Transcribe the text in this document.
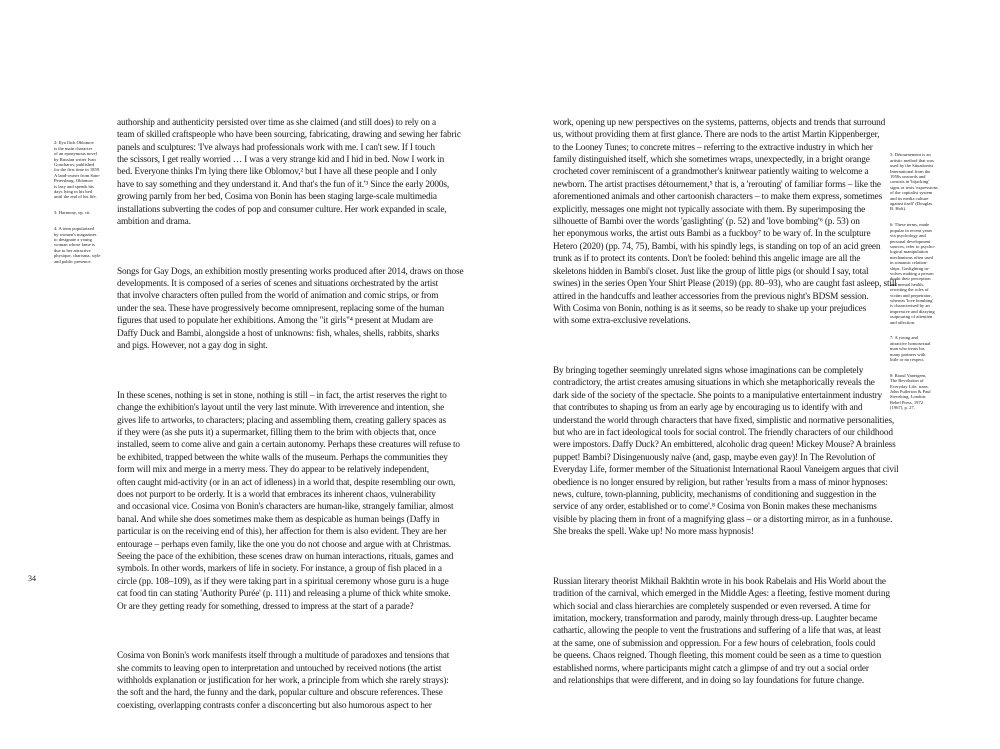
2: Ilya Ilich Oblomov
is the main character
of an eponymous novel
by Russian writer Ivan
Goncharov, published
for the first time in 1859.
A land-owner from Sain-
Petersburg, Oblomov
is lazy and spends his
days lying in his bed
until the end of his life.

3: Harmony, op. cit.

4: A term popularized
by women's magazines
to designate a young
woman whose fame is
due to her attractive
physique, charisma, style
and public presence.

authorship and authenticity persisted over time as she claimed (and still does) to rely on a
team of skilled craftspeople who have been sourcing, fabricating, drawing and sewing her fabric
panels and sculptures: 'I've always had professionals work with me. I can't sew. If I touch
the scissors, I get really worried … I was a very strange kid and I hid in bed. Now I work in
bed. Everyone thinks I'm lying there like Oblomov,² but I have all these people and I only
have to say something and they understand it. And that's the fun of it.'³ Since the early 2000s,
growing parnly from her bed, Cosima von Bonin has been staging large-scale multimedia
installations subverting the codes of pop and consumer culture. Her work expanded in scale,
ambition and drama.

Songs for Gay Dogs, an exhibition mostly presenting works produced after 2014, draws on those
developments. It is composed of a series of scenes and situations orchestrated by the artist
that involve characters often pulled from the world of animation and comic strips, or from
under the sea. These have progressively become omnipresent, replacing some of the human
figures that used to populate her exhibitions. Among the "it girls"⁴ present at Mudam are
Daffy Duck and Bambi, alongside a host of unknowns: fish, whales, shells, rabbits, sharks
and pigs. However, not a gay dog in sight.

In these scenes, nothing is set in stone, nothing is still – in fact, the artist reserves the right to
change the exhibition's layout until the very last minute. With irreverence and intention, she
gives life to artworks, to characters; placing and assembling them, creating gallery spaces as
if they were (as she puts it) a supermarket, filling them to the brim with objects that, once
installed, seem to come alive and gain a certain autonomy. Perhaps these creatures will refuse to
be exhibited, trapped between the white walls of the museum. Perhaps the communities they
form will mix and merge in a merry mess. They do appear to be relatively independent,
often caught mid-activity (or in an act of idleness) in a world that, despite resembling our own,
does not purport to be orderly. It is a world that embraces its inherent chaos, vulnerability
and occasional vice. Cosima von Bonin's characters are human-like, strangely familiar, almost
banal. And while she does sometimes make them as despicable as human beings (Daffy in
particular is on the receiving end of this), her affection for them is also evident. They are her
entourage – perhaps even family, like the one you do not choose and argue with at Christmas.
Seeing the pace of the exhibition, these scenes draw on human interactions, rituals, games and
symbols. In other words, markers of life in society. For instance, a group of fish placed in a
circle (pp. 108–109), as if they were taking part in a spiritual ceremony whose guru is a huge
cat food tin can stating 'Authority Purée' (p. 111) and releasing a plume of thick white smoke.
Or are they getting ready for something, dressed to impress at the start of a parade?

Cosima von Bonin's work manifests itself through a multitude of paradoxes and tensions that
she commits to leaving open to interpretation and untouched by received notions (the artist
withholds explanation or justification for her work, a principle from which she rarely strays):
the soft and the hard, the funny and the dark, popular culture and obscure references. These
coexisting, overlapping contrasts confer a disconcerting but also humorous aspect to her

34

work, opening up new perspectives on the systems, patterns, objects and trends that surround
us, without providing them at first glance. There are nods to the artist Martin Kippenberger,
to the Looney Tunes; to concrete mitres – referring to the extractive industry in which her
family distinguished itself, which she sometimes wraps, unexpectedly, in a bright orange
crocheted cover reminiscent of a grandmother's knitwear patiently waiting to welcome a
newborn. The artist practises détournement,⁵ that is, a 'rerouting' of familiar forms – like the
aforementioned animals and other cartoonish characters – to make them express, sometimes
explicitly, messages one might not typically associate with them. By superimposing the
silhouette of Bambi over the words 'gaslighting' (p. 52) and 'love bombing'⁶ (p. 53) on
her eponymous works, the artist outs Bambi as a fuckboy⁷ to be wary of. In the sculpture
Hetero (2020) (pp. 74, 75), Bambi, with his spindly legs, is standing on top of an acid green
trunk as if to protect its contents. Don't be fooled: behind this angelic image are all the
skeletons hidden in Bambi's closet. Just like the group of little pigs (or should I say, total
swines) in the series Open Your Shirt Please (2019) (pp. 80–93), who are caught fast asleep, still
attired in the handcuffs and leather accessories from the previous night's BDSM session.
With Cosima von Bonin, nothing is as it seems, so be ready to shake up your prejudices
with some extra-exclusive revelations.

By bringing together seemingly unrelated signs whose imaginations can be completely
contradictory, the artist creates amusing situations in which she metaphorically reveals the
dark side of the society of the spectacle. She points to a manipulative entertainment industry
that contributes to shaping us from an early age by encouraging us to identify with and
understand the world through characters that have fixed, simplistic and normative personalities,
but who are in fact ideological tools for social control. The friendly characters of our childhood
were impostors. Daffy Duck? An embittered, alcoholic drag queen! Mickey Mouse? A brainless
puppet! Bambi? Disingenuously naïve (and, gasp, maybe even gay)! In The Revolution of
Everyday Life, former member of the Situationist International Raoul Vaneigem argues that civil
obedience is no longer ensured by religion, but rather 'results from a mass of minor hypnoses:
news, culture, town-planning, publicity, mechanisms of conditioning and suggestion in the
service of any order, established or to come'.⁸ Cosima von Bonin makes these mechanisms
visible by placing them in front of a magnifying glass – or a distorting mirror, as in a funhouse.
She breaks the spell. Wake up! No more mass hypnosis!

Russian literary theorist Mikhail Bakhtin wrote in his book Rabelais and His World about the
tradition of the carnival, which emerged in the Middle Ages: a fleeting, festive moment during
which social and class hierarchies are completely suspended or even reversed. A time for
imitation, mockery, transformation and parody, mainly through dress-up. Laughter became
cathartic, allowing the people to vent the frustrations and suffering of a life that was, at least
at the same, one of submission and oppression. For a few hours of celebration, fools could
be queens. Chaos reigned. Though fleeting, this moment could be seen as a time to question
established norms, where participants might catch a glimpse of and try out a social order
and relationships that were different, and in doing so lay foundations for future change.

5: Détournement is an
artistic method that was
used by the Situationist
International from the
1950s onwards and
consists in 'hijacking'
signs or texts 'expressions
of the capitalist system
and its media culture
against itself' (Douglas
B. Holt).

6: These terms, made
popular in recent years
via psychology and
personal development
sources, refer to psycho-
logical manipulation
mechanisms often used
in romantic relation-
ships. Gaslighting in-
volves making a person
doubt their perception
and mental health,
rewriting the roles of
victim and perpetrator,
whereas 'love bombing'
is characterised by an
impressive and dizzying
outpouring of attention
and affection.

7: A young and
attractive homosexual
man who treats his
many partners with
little or no respect.

8: Raoul Vaneigem,
The Revolution of
Everyday Life, trans.
John Fullerton & Paul
Sieveking, London:
Rebel Press, 1972
[1967], p. 27.
